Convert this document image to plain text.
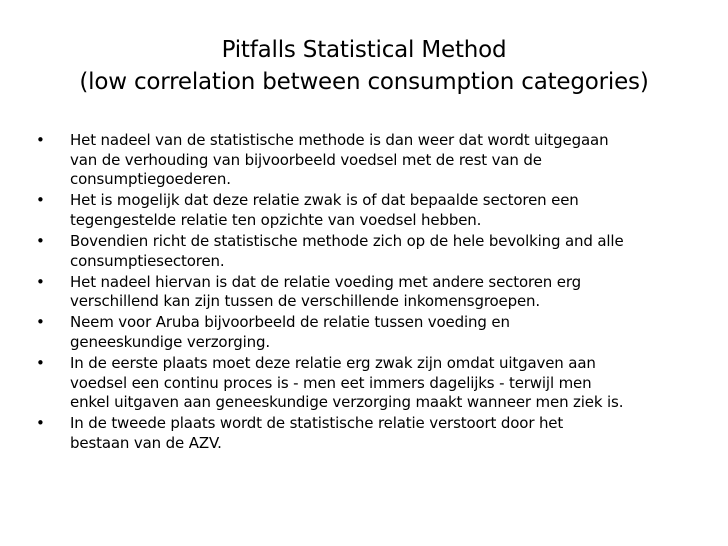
Pitfalls Statistical Method
(low correlation between consumption categories)
• Het nadeel van de statistische methode is dan weer dat wordt uitgegaan
van de verhouding van bijvoorbeeld voedsel met de rest van de
consumptiegoederen.
• Het is mogelijk dat deze relatie zwak is of dat bepaalde sectoren een
tegengestelde relatie ten opzichte van voedsel hebben.
• Bovendien richt de statistische methode zich op de hele bevolking and alle
consumptiesectoren.
• Het nadeel hiervan is dat de relatie voeding met andere sectoren erg
verschillend kan zijn tussen de verschillende inkomensgroepen.
• Neem voor Aruba bijvoorbeeld de relatie tussen voeding en
geneeskundige verzorging.
• In de eerste plaats moet deze relatie erg zwak zijn omdat uitgaven aan
voedsel een continu proces is - men eet immers dagelijks - terwijl men
enkel uitgaven aan geneeskundige verzorging maakt wanneer men ziek is.
• In de tweede plaats wordt de statistische relatie verstoort door het
bestaan van de AZV.
